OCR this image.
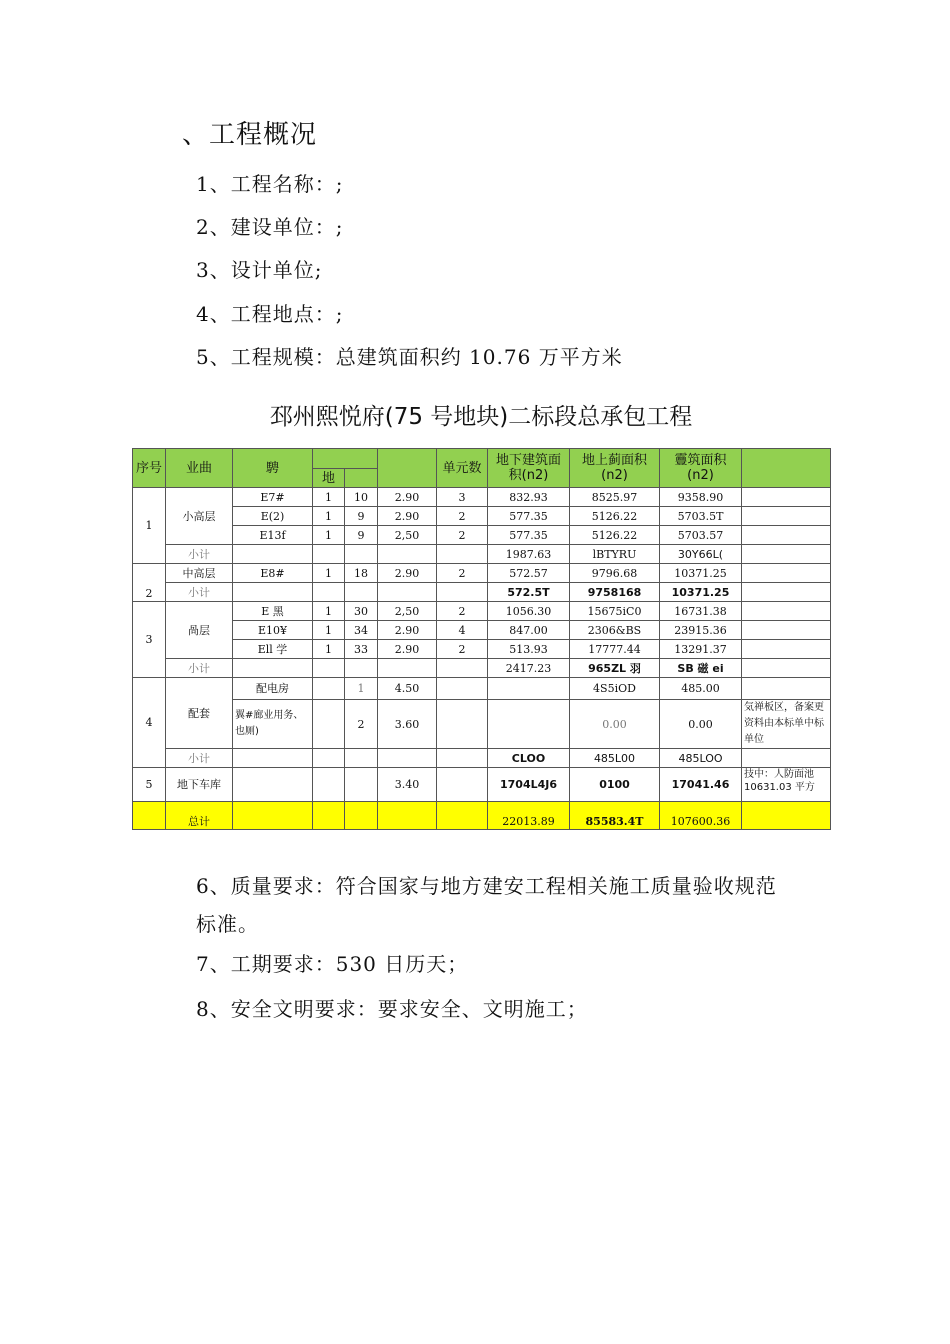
、工程概况
1、工程名称：;
2、建设单位：;
3、设计单位;
4、工程地点：;
5、工程规模：总建筑面积约 10.76 万平方米
邳州熙悦府(75 号地块)二标段总承包工程
序号	业曲	騁				单元数	地下建筑面积(n2)	地上蓟面积(n2)	靊筑面积(n2)	
			地							
1	小高层	E7#	1	10	2.90	3	832.93	8525.97	9358.90	
		E(2)	1	9	2.90	2	577.35	5126.22	5703.5T	
		E13f	1	9	2,50	2	577.35	5126.22	5703.57	
	小计						1987.63	lBTYRU	30Y66L(	
2	中高层	E8#	1	18	2.90	2	572.57	9796.68	10371.25	
	小计						572.5T	9758168	10371.25	
3	咼层	E 黑	1	30	2,50	2	1056.30	15675iC0	16731.38	
		E10¥	1	34	2.90	4	847.00	2306&BS	23915.36	
		Ell 学	1	33	2.90	2	513.93	17777.44	13291.37	
	小计						2417.23	965ZL 羽	SB 磁 ei	
4	配套	配电房		1	4.50			4S5iOD	485.00	
		翼#廊业用务、也厕)		2	3.60			0.00	0.00	気禅板区，备案更资料由本标单中标单位
	小计						CLOO	485L00	485LOO	
5	地下车库				3.40		1704L4J6	0100	17041.46	技中：人防面池10631.03 平方
	总计						22013.89	85583.4T	107600.36	
6、质量要求：符合国家与地方建安工程相关施工质量验收规范
标准。
7、工期要求：530 日历天；
8、安全文明要求：要求安全、文明施工；
